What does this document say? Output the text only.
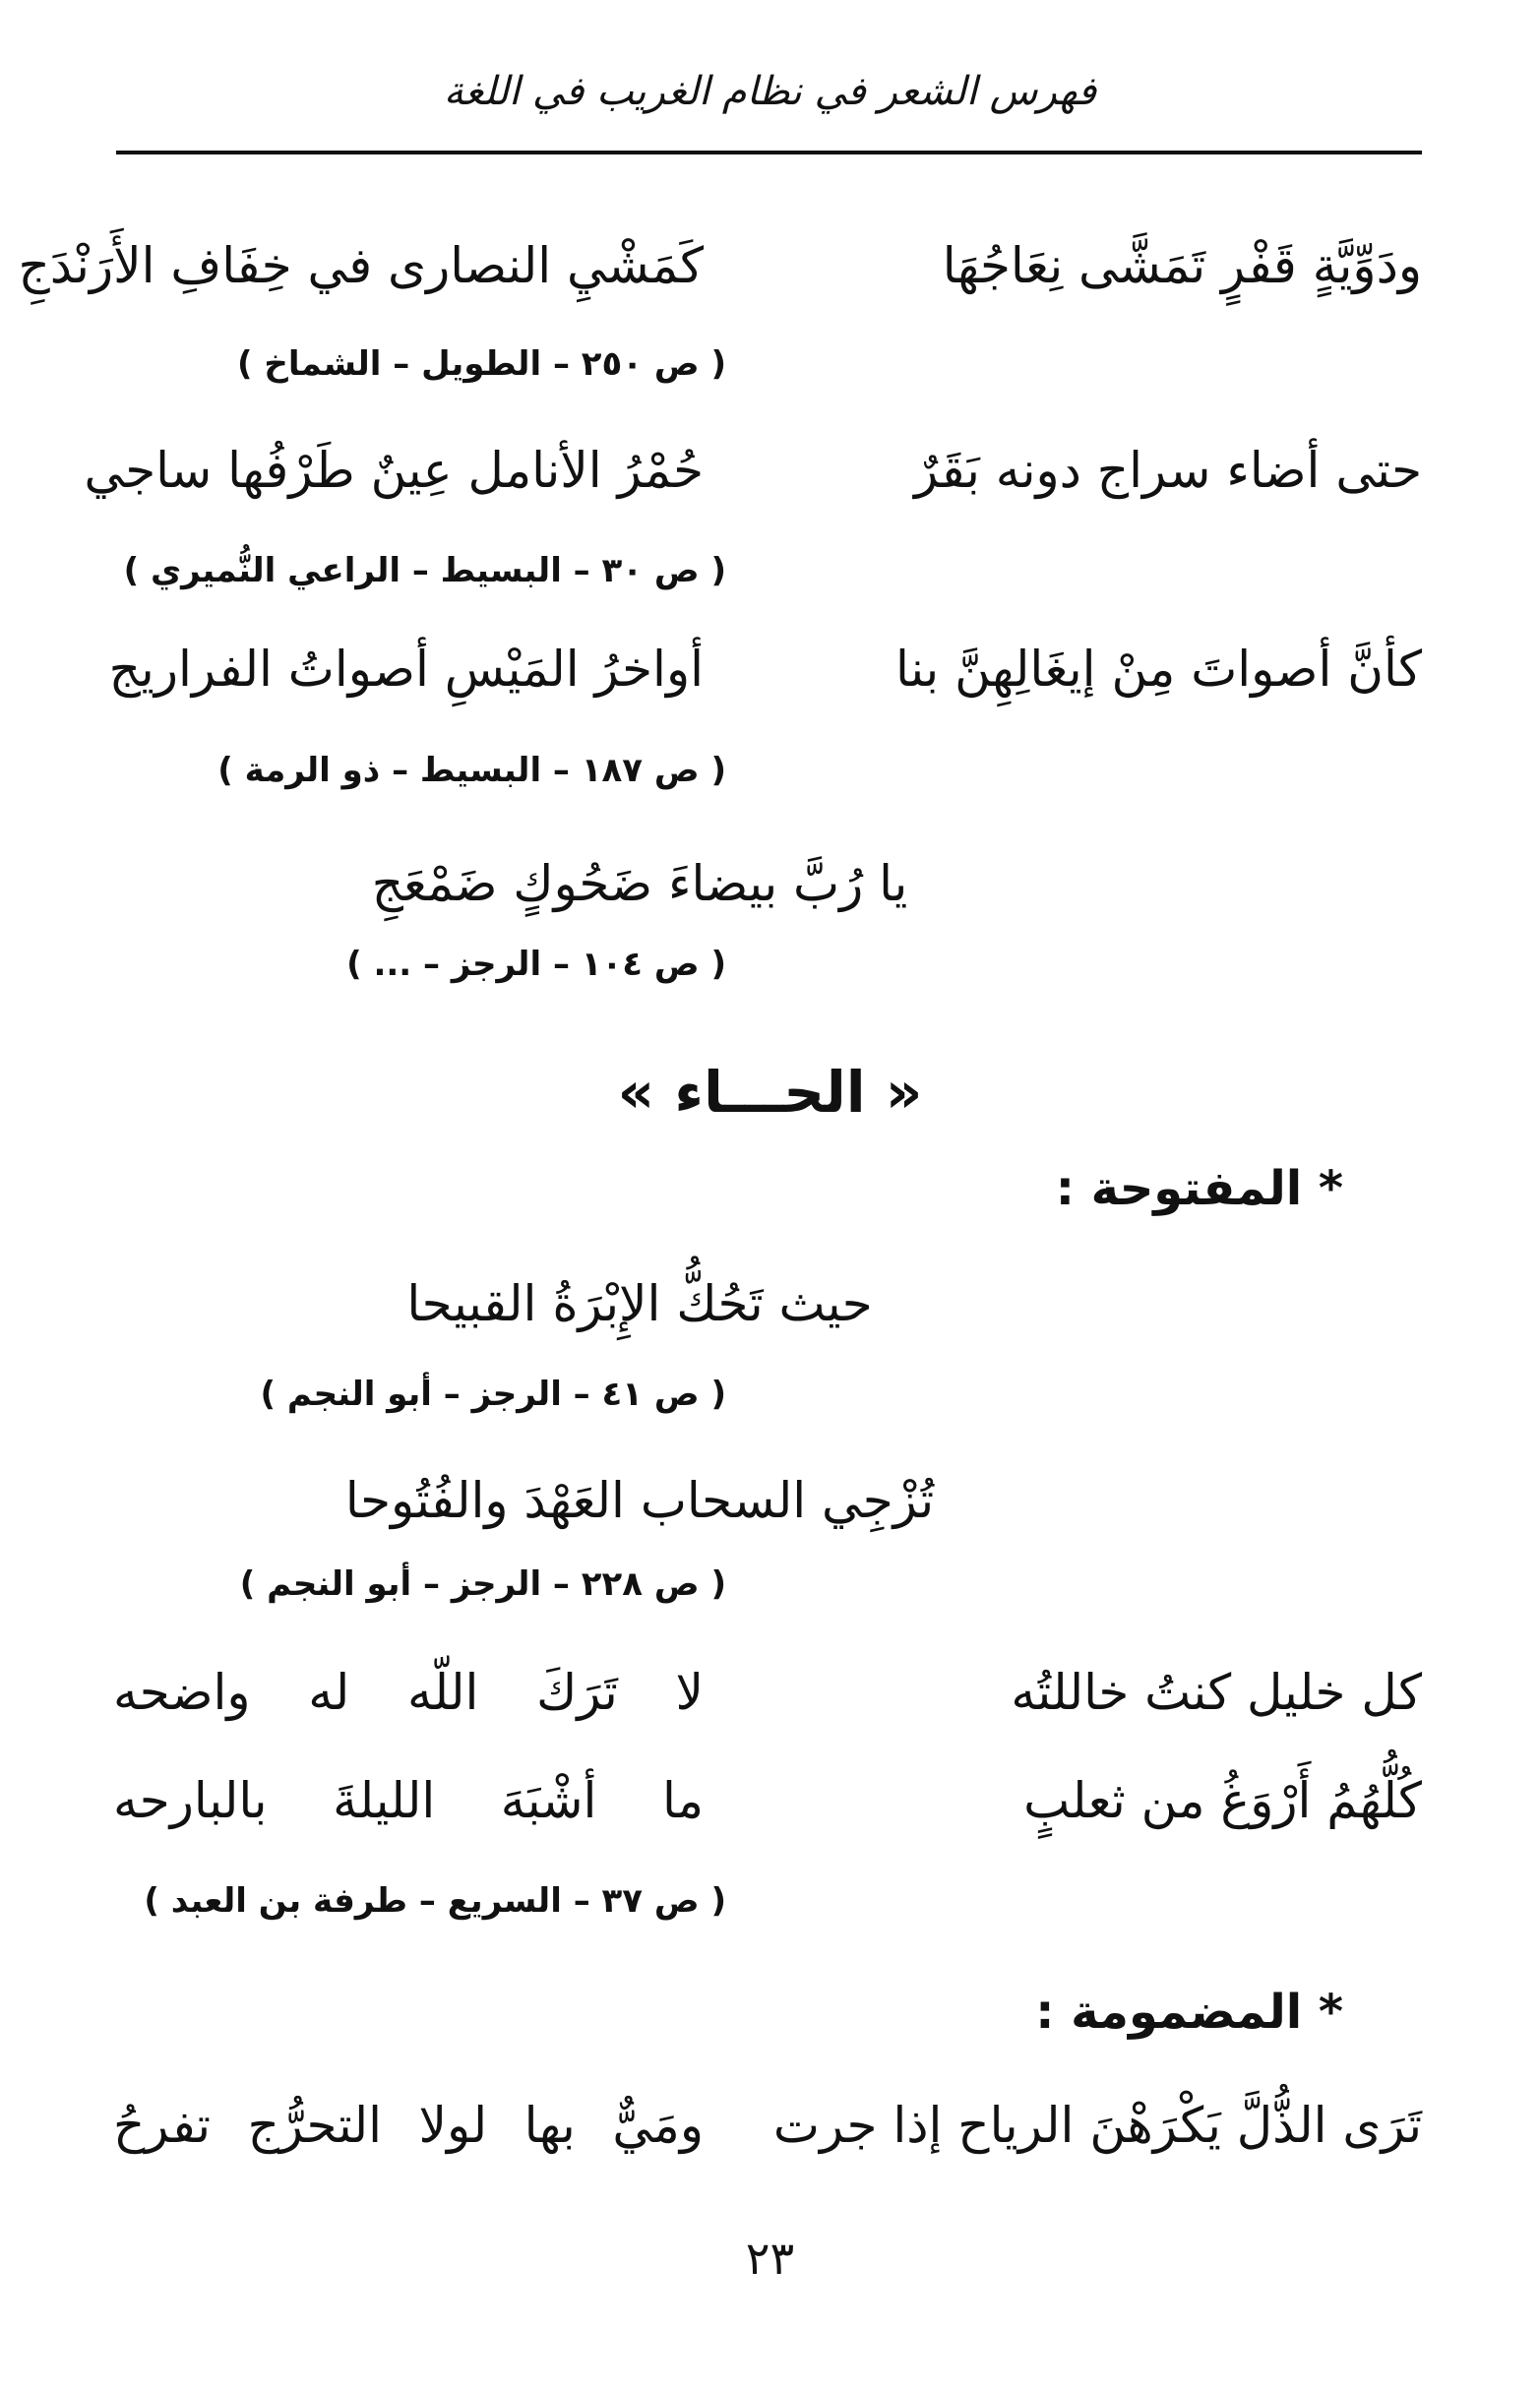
فهرس الشعر في نظام الغريب في اللغة
ودَوِّيَّةٍ قَفْرٍ تَمَشَّى نِعَاجُهَا
كَمَشْيِ النصارى في خِفَافِ الأَرَنْدَجِ
( ص ٢٥٠ – الطويل – الشماخ )
حتى أضاء سراج دونه بَقَرٌ
حُمْرُ الأنامل عِينٌ طَرْفُها ساجي
( ص ٣٠ – البسيط – الراعي النُّميري )
كأنَّ أصواتَ مِنْ إيغَالِهِنَّ بنا
أواخرُ المَيْسِ أصواتُ الفراريج
( ص ١٨٧ – البسيط – ذو الرمة )
يا رُبَّ بيضاءَ ضَحُوكٍ ضَمْعَجِ
( ص ١٠٤ – الرجز – ... )
« الحـــاء »
* المفتوحة :
حيث تَحُكُّ الإِبْرَةُ القبيحا
( ص ٤١ – الرجز – أبو النجم )
تُزْجِي السحاب العَهْدَ والفُتُوحا
( ص ٢٢٨ – الرجز – أبو النجم )
كل خليل كنتُ خاللتُه
لا تَرَكَ اللّه له واضحه
كُلُّهُمُ أَرْوَغُ من ثعلبٍ
ما أشْبَهَ الليلةَ بالبارحه
( ص ٣٧ – السريع – طرفة بن العبد )
* المضمومة :
تَرَى الذُّلَّ يَكْرَهْنَ الرياح إذا جرت
ومَيٌّ بها لولا التحرُّج تفرحُ
٢٣
